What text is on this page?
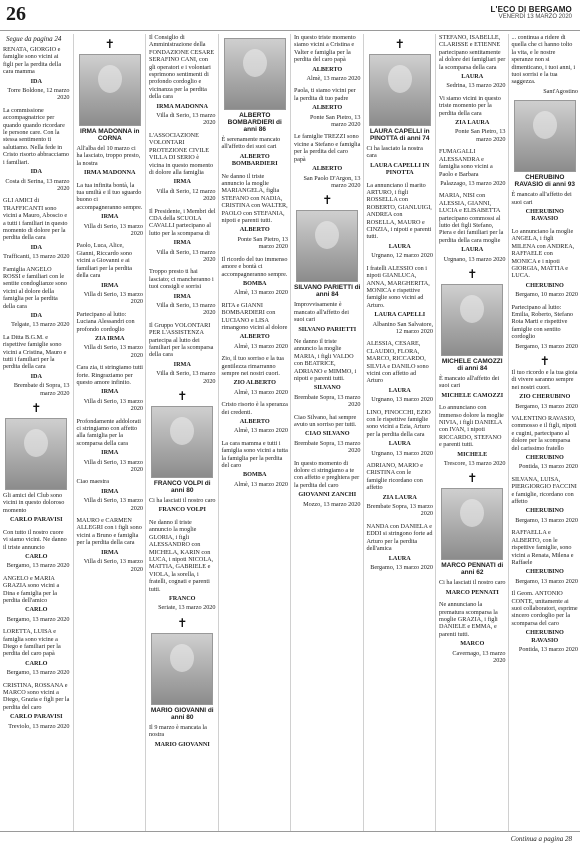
26	L'ECO DI BERGAMO
VENERDÌ 13 MARZO 2020
Segue da pagina 24
RENATA, GIORGIO e famiglie sono vicini ai figli per la perdita della cara mamma
IDA
Torre Boldone, 12 marzo 2020
La commissione accompagnatrice per quando quando ricordare le persone care. Con la stessa sentimento ti salutiamo. Nella fede in Cristo risorto abbracciamo i familiari.
IDA
Costa di Serina, 13 marzo 2020
GLI AMICI di TRAFFICANTI sono vicini a Mauro, Aboscio e a tutti i familiari in questo momento di dolore per la perdita della cara
IDA
Trafficanti, 13 marzo 2020
Famiglia ANGELO ROSSI e familiari con le sentite condoglianze sono vicini al dolore della famiglia per la perdita della cara
IDA
Telgate, 13 marzo 2020
La Ditta B.G.M. e rispettive famiglie sono vicini a Cristina, Mauro e tutti i familiari per la perdita della cara
IDA
Brembate di Sopra, 13 marzo 2020
✝
Gli amici del Club sono vicini in questo doloroso momento
CARLO PARAVISI
Con tutto il nostro cuore vi siamo vicini. Ne danno il triste annuncio
CARLO
Bergamo, 13 marzo 2020
ANGELO e MARIA GRAZIA sono vicini a Dina e famiglia per la perdita dell'amico
CARLO
Bergamo, 13 marzo 2020
LORETTA, LUISA e famiglia sono vicine a Diego e familiari per la perdita del caro papà
CARLO
Bergamo, 13 marzo 2020
CRISTINA, ROSSANA e MARCO sono vicini a Diego, Grazia e figli per la perdita del caro
CARLO PARAVISI
Treviolo, 13 marzo 2020
✝
IRMA MADONNA in CORNA
All'alba del 10 marzo ci ha lasciato, troppo presto, la nostra
IRMA MADONNA
La tua infinita bontà, la tua umiltà e il tuo sguardo buono ci accompagneranno sempre.
IRMA
Villa di Serio, 13 marzo 2020
Paolo, Luca, Alice, Gianni, Riccardo sono vicini a Giovanni e ai familiari per la perdita della cara
IRMA
Villa di Serio, 13 marzo 2020
Partecipano al lutto: Luciana Alessandri con profondo cordoglio
ZIA IRMA
Villa di Serio, 13 marzo 2020
Cara zia, ti stringiamo tutti forte. Ringraziamo per questo amore infinito.
IRMA
Villa di Serio, 13 marzo 2020
Profondamente addolorati ci stringiamo con affetto alla famiglia per la scomparsa della cara
IRMA
Villa di Serio, 13 marzo 2020
Ciao maestra
IRMA
Villa di Serio, 13 marzo 2020
MAURO e CARMEN ALLEGRI con i figli sono vicini a Bruno e famiglia per la perdita della cara
IRMA
Villa di Serio, 13 marzo 2020
Il Consiglio di Amministrazione della FONDAZIONE CESARE SERAFINO CANI, con gli operatori e i volontari esprimono sentimenti di profondo cordoglio e vicinanza per la perdita della cara
IRMA MADONNA
Villa di Serio, 13 marzo 2020
L'ASSOCIAZIONE VOLONTARI PROTEZIONE CIVILE VILLA DI SERIO è vicina in questo momento di dolore alla famiglia
IRMA
Villa di Serio, 12 marzo 2020
Il Presidente, i Membri del CDA della SCUOLA CAVALLI partecipano al lutto per la scomparsa di
IRMA
Villa di Serio, 13 marzo 2020
Troppo presto ti hai lasciato; ci mancheranno i tuoi consigli e sorrisi
IRMA
Villa di Serio, 13 marzo 2020
Il Gruppo VOLONTARI PER L'ASSISTENZA partecipa al lutto dei familiari per la scomparsa della cara
IRMA
Villa di Serio, 13 marzo 2020
✝
FRANCO VOLPI di anni 80
Ci ha lasciati il nostro caro
FRANCO VOLPI
Ne danno il triste annuncio la moglie GLORIA, i figli ALESSANDRO con MICHELA, KARIN con LUCA, i nipoti NICOLA, MATTIA, GABRIELE e VIOLA, la sorella, i fratelli, cognati e parenti tutti.
FRANCO
Seriate, 13 marzo 2020
✝
MARIO GIOVANNI di anni 80
Il 9 marzo è mancata la nostra
MARIO GIOVANNI
ALBERTO BOMBARDIERI di anni 86
È serenamente mancato all'affetto dei suoi cari
ALBERTO BOMBARDIERI
Ne danno il triste annuncio la moglie MARIANGELA, figlia STEFANO con NADIA, CRISTINA con WALTER, PAOLO con STEFANIA, nipoti e parenti tutti.
ALBERTO
Ponte San Pietro, 13 marzo 2020
Il ricordo del tuo immenso amore e bontà ci accompagneranno sempre.
BOMBA
Almè, 13 marzo 2020
RITA e GIANNI BOMBARDIERI con LUCIANO e LISA rimangono vicini al dolore
ALBERTO
Almè, 13 marzo 2020
Zio, il tuo sorriso e la tua gentilezza rimarranno sempre nei nostri cuori.
ZIO ALBERTO
Almè, 13 marzo 2020
Cristo risorto è la speranza dei credenti.
ALBERTO
Almè, 13 marzo 2020
La cara mamma e tutti i famiglia sono vicini a tutta la famiglia per la perdita del caro
BOMBA
Almè, 13 marzo 2020
In questo triste momento siamo vicini a Cristina e Valter e famiglia per la perdita del caro papà
ALBERTO
Almè, 13 marzo 2020
Paola, ti siamo vicini per la perdita di tuo padre
ALBERTO
Ponte San Pietro, 13 marzo 2020
Le famiglie TREZZI sono vicine a Stefano e famiglia per la perdita del caro papà
ALBERTO
San Paolo D'Argon, 13 marzo 2020
✝
SILVANO PARIETTI di anni 84
Improvvisamente è mancato all'affetto dei suoi cari
SILVANO PARIETTI
Ne danno il triste annuncio la moglie MARIA, i figli VALDO con BEATRICE, ADRIANO e MIMMO, i nipoti e parenti tutti.
SILVANO
Brembate Sopra, 13 marzo 2020
Ciao Silvano, hai sempre avuto un sorriso per tutti.
CIAO SILVANO
Brembate Sopra, 13 marzo 2020
In questo momento di dolore ci stringiamo a te con affetto e preghiera per la perdita del caro
GIOVANNI ZANCHI
Mozzo, 13 marzo 2020
✝
LAURA CAPELLI in PINOTTA di anni 74
Ci ha lasciato la nostra cara
LAURA CAPELLI IN PINOTTA
La annunciano il marito ARTURO, i figli ROSSELLA con ROBERTO, GIANLUIGI, ANDREA con ROSELLA, MAURO e CINZIA, i nipoti e parenti tutti.
LAURA
Urgnano, 12 marzo 2020
I fratelli ALESSIO con i nipoti GIANLUCA, ANNA, MARGHERITA, MONICA e rispettive famiglie sono vicini ad Arturo.
LAURA CAPELLI
Albanino San Salvatore, 12 marzo 2020
ALESSIA, CESARE, CLAUDIO, FLORA, MARCO, RICCARDO, SILVIA e DANILO sono vicini con affetto ad Arturo
LAURA
Urgnano, 13 marzo 2020
LINO, FINOCCHI, EZIO con le rispettive famiglie sono vicini a Ezia, Arturo per la perdita della cara
LAURA
Urgnano, 13 marzo 2020
ADRIANO, MARIO e CRISTINA con le famiglie ricordano con affetto
ZIA LAURA
Brembate Sopra, 13 marzo 2020
NANDA con DANIELA e EDDI si stringono forte ad Arturo per la perdita dell'amica
LAURA
Bergamo, 13 marzo 2020
STEFANO, ISABELLE, CLARISSE e ETIENNE partecipano sentitamente al dolore dei famigliari per la scomparsa della cara
LAURA
Sedrina, 13 marzo 2020
Vi siamo vicini in questo triste momento per la perdita della cara
ZIA LAURA
Ponte San Pietro, 13 marzo 2020
FUMAGALLI ALESSANDRA e famiglia sono vicini a Paolo e Barbara
Palazzago, 13 marzo 2020
MARIA, NISI con ALESSIA, GIANNI, LUCIA e ELISABETTA partecipano commossi al lutto dei figli Stefano, Piera e dei familiari per la perdita della cara moglie
LAURA
Urgnano, 13 marzo 2020
✝
MICHELE CAMOZZI di anni 84
È mancato all'affetto dei suoi cari
MICHELE CAMOZZI
Lo annunciano con immenso dolore la moglie NIVIA, i figli DANIELA con IVAN, i nipoti RICCARDO, STEFANO e parenti tutti.
MICHELE
Trescore, 13 marzo 2020
✝
MARCO PENNATI di anni 62
Ci ha lasciati il nostro caro
MARCO PENNATI
Ne annunciano la prematura scomparsa la moglie GRAZIA, i figli DANIELE e EMMA, e parenti tutti.
MARCO
Cavernago, 13 marzo 2020
... continua a ridere di quella che ci hanno tolto la vita, e le nostre speranze non si dimenticano, i tuoi anni, i tuoi sorrisi e la tua saggezza.
Sant'Agostino
CHERUBINO RAVASIO di anni 93
È mancato all'affetto dei suoi cari
CHERUBINO RAVASIO
Lo annunciano la moglie ANGELA, i figli MILENA con ANDREA, RAFFAELE con MONICA e i nipoti GIORGIA, MATTIA e LUCA.
CHERUBINO
Bergamo, 10 marzo 2020
Partecipano al lutto: Emilia, Roberto, Stefano Rota Marti e rispettive famiglie con sentito cordoglio
Bergamo, 13 marzo 2020
✝
Il tuo ricordo e la tua gioia di vivere saranno sempre nei nostri cuori.
ZIO CHERUBINO
Bergamo, 13 marzo 2020
VALENTINO RAVASIO, commosso e il figli, nipoti e cugini, partecipano al dolore per la scomparsa del carissimo fratello
CHERUBINO
Pontida, 13 marzo 2020
SILVANA, LUISA, PIERGIORGIO FACCINI e famiglie, ricordano con affetto
CHERUBINO
Bergamo, 13 marzo 2020
RAFFAELLA e ALBERTO, con le rispettive famiglie, sono vicini a Renata, Milena e Raffaele
CHERUBINO
Bergamo, 13 marzo 2020
Il Geom. ANTONIO CONTE, unitamente ai suoi collaboratori, esprime sincero cordoglio per la scomparsa del caro
CHERUBINO RAVASIO
Pontida, 13 marzo 2020
Continua a pagina 28
